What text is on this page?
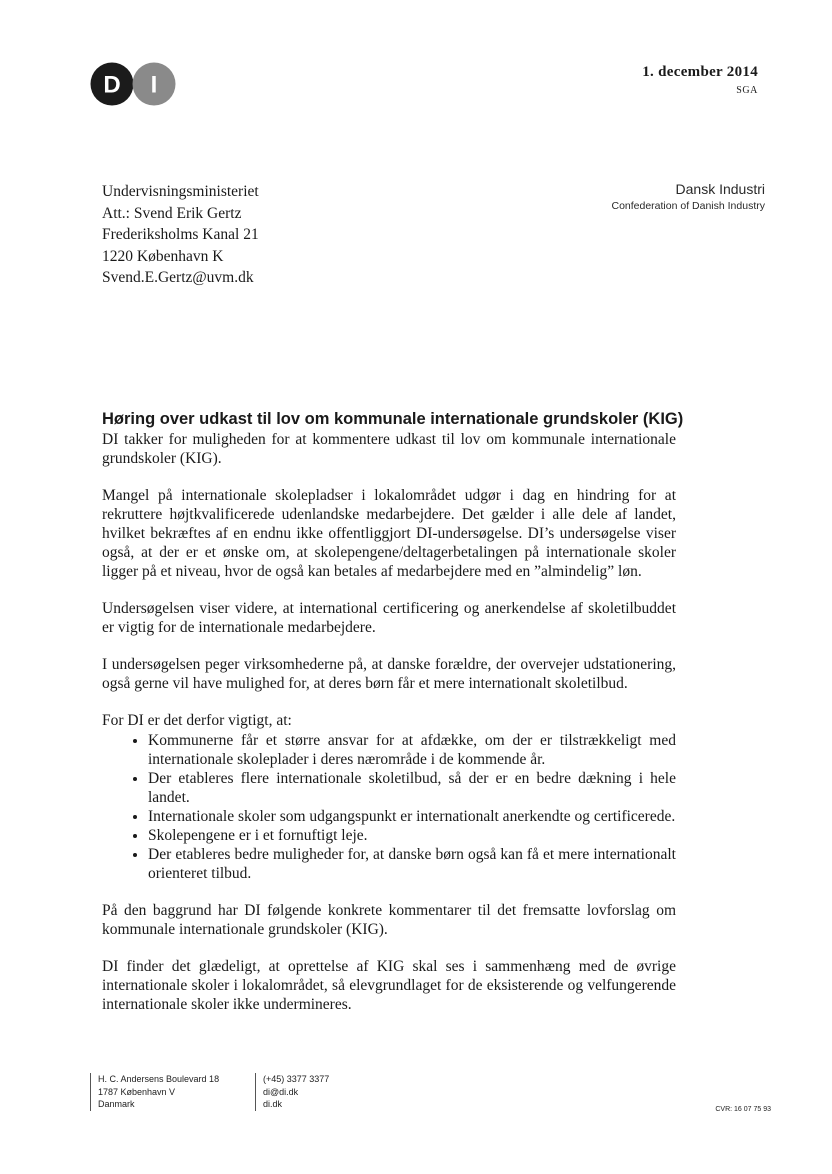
D I	1. december 2014
SGA
Undervisningsministeriet
Att.: Svend Erik Gertz
Frederiksholms Kanal 21
1220 København K
Svend.E.Gertz@uvm.dk
Dansk Industri
Confederation of Danish Industry
Høring over udkast til lov om kommunale internationale grundskoler (KIG)

DI takker for muligheden for at kommentere udkast til lov om kommunale internationale grundskoler (KIG).

Mangel på internationale skolepladser i lokalområdet udgør i dag en hindring for at rekruttere højtkvalificerede udenlandske medarbejdere. Det gælder i alle dele af landet, hvilket bekræftes af en endnu ikke offentliggjort DI-undersøgelse. DI’s undersøgelse viser også, at der er et ønske om, at skolepengene/deltagerbetalingen på internationale skoler ligger på et niveau, hvor de også kan betales af medarbejdere med en ”almindelig” løn.

Undersøgelsen viser videre, at international certificering og anerkendelse af skoletilbuddet er vigtig for de internationale medarbejdere.

I undersøgelsen peger virksomhederne på, at danske forældre, der overvejer udstationering, også gerne vil have mulighed for, at deres børn får et mere internationalt skoletilbud.

For DI er det derfor vigtigt, at:

• Kommunerne får et større ansvar for at afdække, om der er tilstrækkeligt med internationale skoleplader i deres nærområde i de kommende år.
• Der etableres flere internationale skoletilbud, så der er en bedre dækning i hele landet.
• Internationale skoler som udgangspunkt er internationalt anerkendte og certificerede.
• Skolepengene er i et fornuftigt leje.
• Der etableres bedre muligheder for, at danske børn også kan få et mere internationalt orienteret tilbud.

På den baggrund har DI følgende konkrete kommentarer til det fremsatte lovforslag om kommunale internationale grundskoler (KIG).

DI finder det glædeligt, at oprettelse af KIG skal ses i sammenhæng med de øvrige internationale skoler i lokalområdet, så elevgrundlaget for de eksisterende og velfungerende internationale skoler ikke undermineres.

H. C. Andersens Boulevard 18
1787 København V
Danmark
(+45) 3377 3377
di@di.dk
di.dk
CVR: 16 07 75 93
